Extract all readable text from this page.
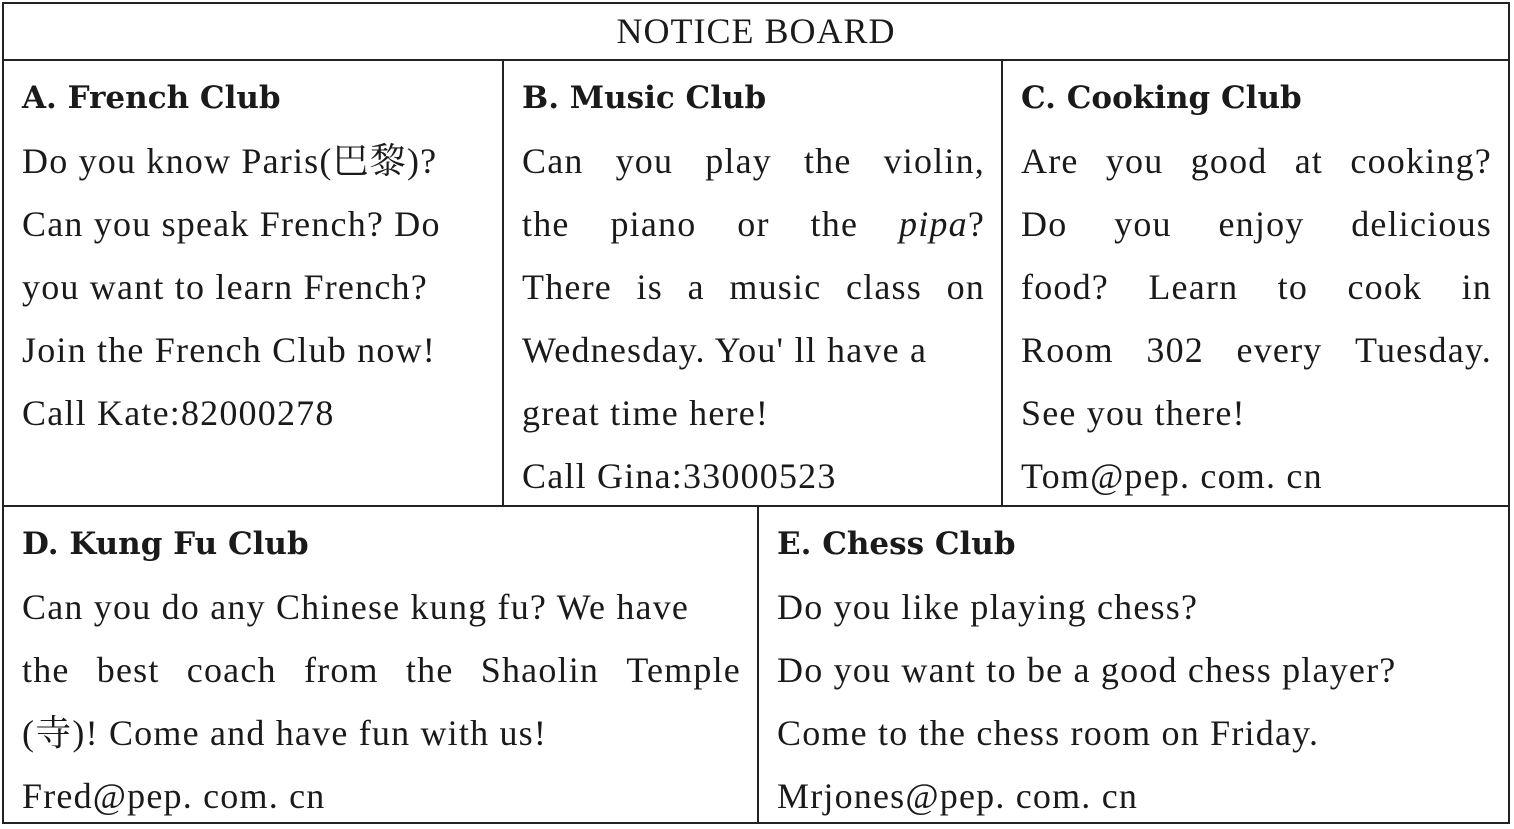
NOTICE BOARD
A. French Club
Do you know Paris(巴黎)?
Can you speak French? Do
you want to learn French?
Join the French Club now!
Call Kate:82000278
B. Music Club
Can you play the violin,
the piano or the pipa?
There is a music class on
Wednesday. You' ll have a
great time here!
Call Gina:33000523
C. Cooking Club
Are you good at cooking?
Do you enjoy delicious
food? Learn to cook in
Room 302 every Tuesday.
See you there!
Tom@pep. com. cn
D. Kung Fu Club
Can you do any Chinese kung fu? We have
the best coach from the Shaolin Temple
(寺)! Come and have fun with us!
Fred@pep. com. cn
E. Chess Club
Do you like playing chess?
Do you want to be a good chess player?
Come to the chess room on Friday.
Mrjones@pep. com. cn
